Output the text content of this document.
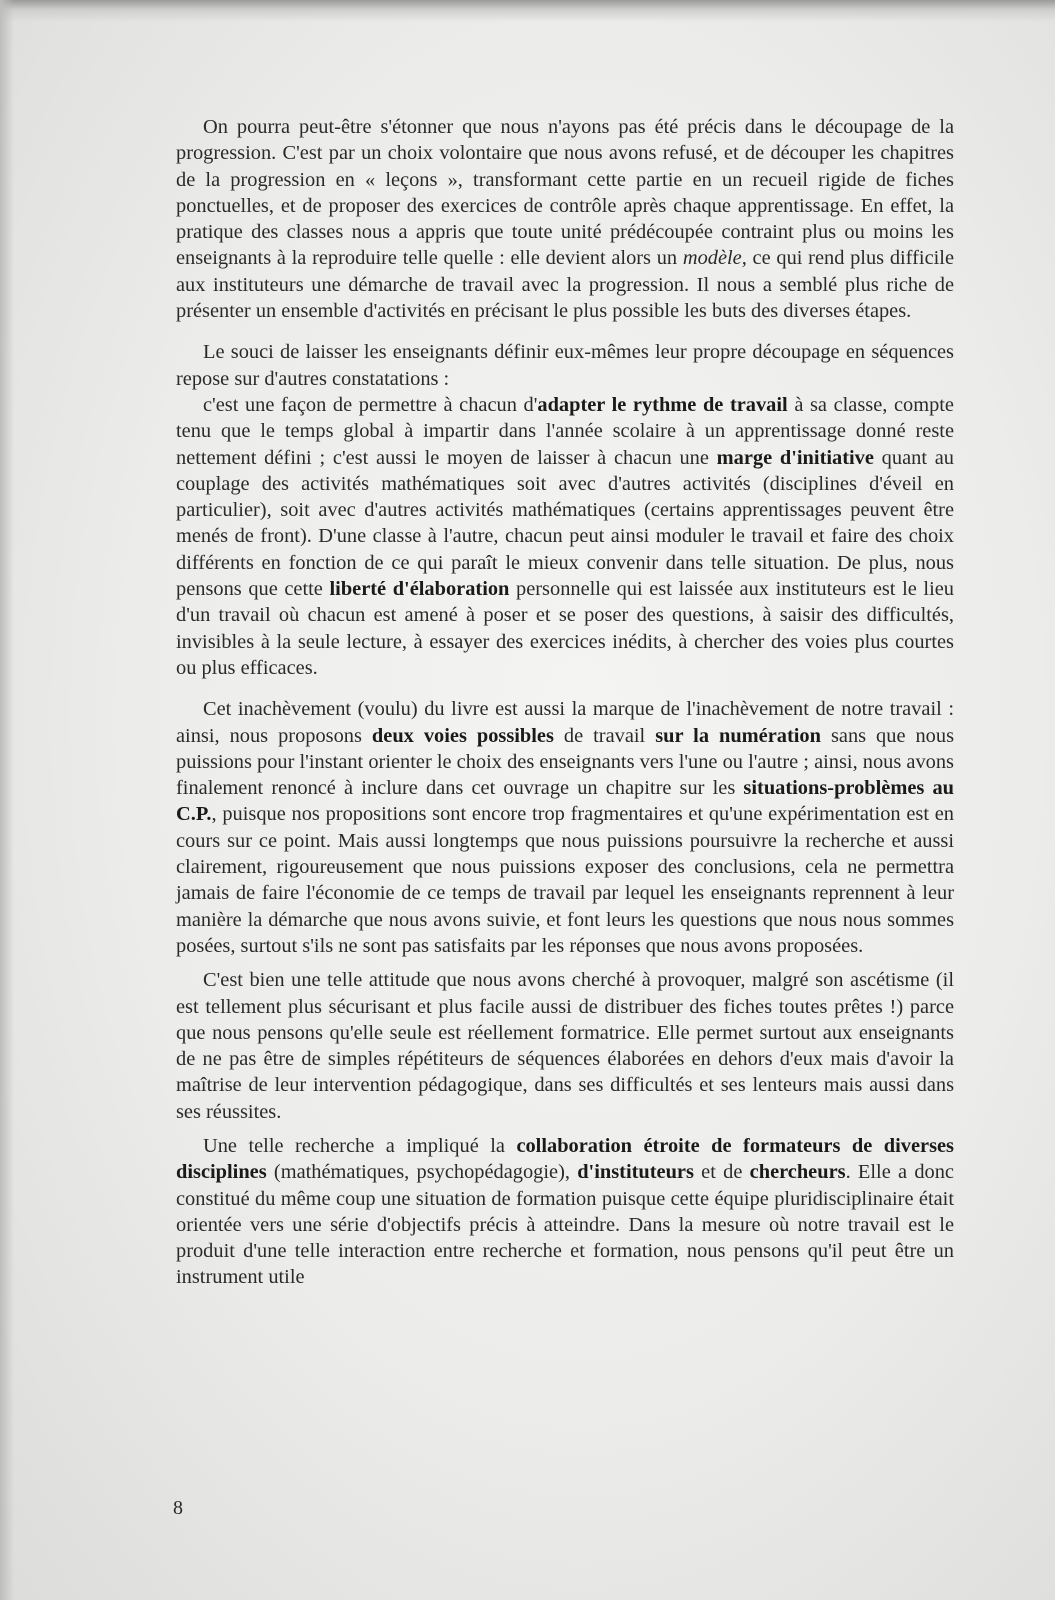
On pourra peut-être s'étonner que nous n'ayons pas été précis dans le découpage de la progression. C'est par un choix volontaire que nous avons refusé, et de découper les chapitres de la progression en « leçons », transformant cette partie en un recueil rigide de fiches ponctuelles, et de proposer des exercices de contrôle après chaque apprentissage. En effet, la pratique des classes nous a appris que toute unité prédécoupée contraint plus ou moins les enseignants à la reproduire telle quelle : elle devient alors un modèle, ce qui rend plus difficile aux instituteurs une démarche de travail avec la progression. Il nous a semblé plus riche de présenter un ensemble d'activités en précisant le plus possible les buts des diverses étapes.

Le souci de laisser les enseignants définir eux-mêmes leur propre découpage en séquences repose sur d'autres constatations :

c'est une façon de permettre à chacun d'adapter le rythme de travail à sa classe, compte tenu que le temps global à impartir dans l'année scolaire à un apprentissage donné reste nettement défini ; c'est aussi le moyen de laisser à chacun une marge d'initiative quant au couplage des activités mathématiques soit avec d'autres activités (disciplines d'éveil en particulier), soit avec d'autres activités mathématiques (certains apprentissages peuvent être menés de front). D'une classe à l'autre, chacun peut ainsi moduler le travail et faire des choix différents en fonction de ce qui paraît le mieux convenir dans telle situation. De plus, nous pensons que cette liberté d'élaboration personnelle qui est laissée aux instituteurs est le lieu d'un travail où chacun est amené à poser et se poser des questions, à saisir des difficultés, invisibles à la seule lecture, à essayer des exercices inédits, à chercher des voies plus courtes ou plus efficaces.

Cet inachèvement (voulu) du livre est aussi la marque de l'inachèvement de notre travail : ainsi, nous proposons deux voies possibles de travail sur la numération sans que nous puissions pour l'instant orienter le choix des enseignants vers l'une ou l'autre ; ainsi, nous avons finalement renoncé à inclure dans cet ouvrage un chapitre sur les situations-problèmes au C.P., puisque nos propositions sont encore trop fragmentaires et qu'une expérimentation est en cours sur ce point. Mais aussi longtemps que nous puissions poursuivre la recherche et aussi clairement, rigoureusement que nous puissions exposer des conclusions, cela ne permettra jamais de faire l'économie de ce temps de travail par lequel les enseignants reprennent à leur manière la démarche que nous avons suivie, et font leurs les questions que nous nous sommes posées, surtout s'ils ne sont pas satisfaits par les réponses que nous avons proposées.

C'est bien une telle attitude que nous avons cherché à provoquer, malgré son ascétisme (il est tellement plus sécurisant et plus facile aussi de distribuer des fiches toutes prêtes !) parce que nous pensons qu'elle seule est réellement formatrice. Elle permet surtout aux enseignants de ne pas être de simples répétiteurs de séquences élaborées en dehors d'eux mais d'avoir la maîtrise de leur intervention pédagogique, dans ses difficultés et ses lenteurs mais aussi dans ses réussites.

Une telle recherche a impliqué la collaboration étroite de formateurs de diverses disciplines (mathématiques, psychopédagogie), d'instituteurs et de chercheurs. Elle a donc constitué du même coup une situation de formation puisque cette équipe pluridisciplinaire était orientée vers une série d'objectifs précis à atteindre. Dans la mesure où notre travail est le produit d'une telle interaction entre recherche et formation, nous pensons qu'il peut être un instrument utile

8
